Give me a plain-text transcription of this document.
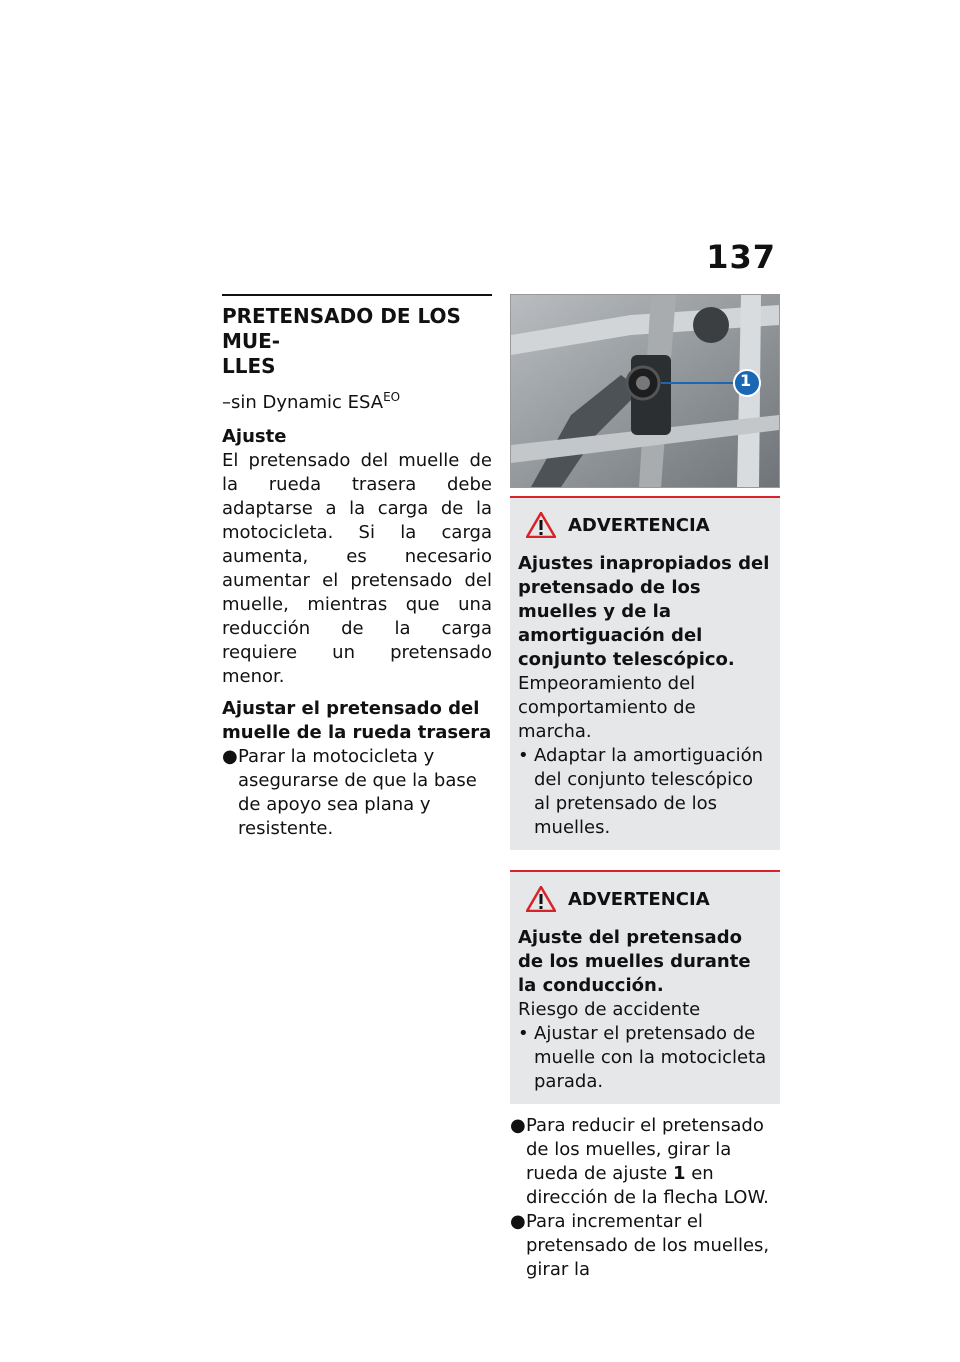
137
PRETENSADO DE LOS MUE-
LLES
–sin Dynamic $ESA^{EO}$

Ajuste

El pretensado del muelle de la rueda trasera debe adaptarse a la carga de la motocicleta. Si la carga aumenta, es necesario aumentar el pretensado del muelle, mientras que una reducción de la carga requiere un pretensado menor.

Ajustar el pretensado del muelle de la rueda trasera

● Parar la motocicleta y asegurarse de que la base de apoyo sea plana y resistente.
1
ADVERTENCIA

Ajustes inapropiados del pretensado de los muelles y de la amortiguación del conjunto telescópico.

Empeoramiento del comportamiento de marcha.

• Adaptar la amortiguación del conjunto telescópico al pretensado de los muelles.
ADVERTENCIA

Ajuste del pretensado de los muelles durante la conducción.

Riesgo de accidente

• Ajustar el pretensado de muelle con la motocicleta parada.
● Para reducir el pretensado de los muelles, girar la rueda de ajuste 1 en dirección de la flecha LOW.
● Para incrementar el pretensado de los muelles, girar la
